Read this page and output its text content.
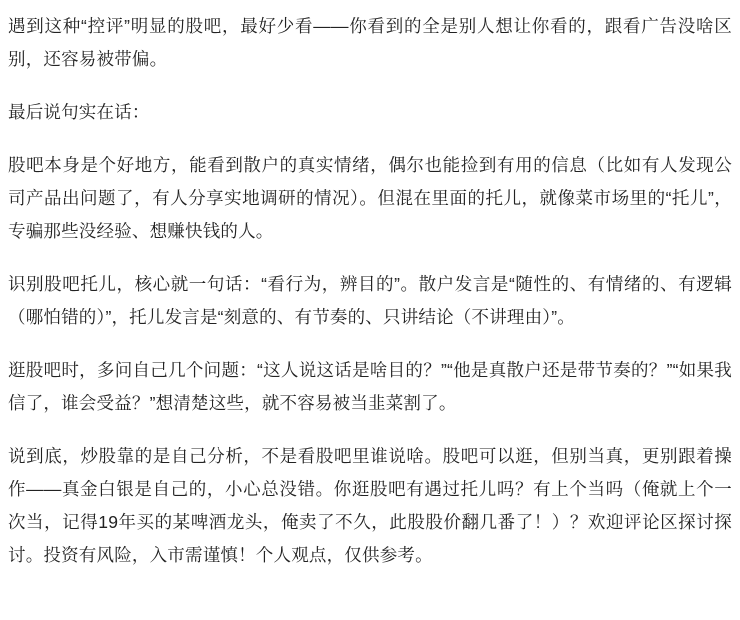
遇到这种“控评”明显的股吧，最好少看——你看到的全是别人想让你看的，跟看广告没啥区别，还容易被带偏。

最后说句实在话：

股吧本身是个好地方，能看到散户的真实情绪，偶尔也能捡到有用的信息（比如有人发现公司产品出问题了，有人分享实地调研的情况）。但混在里面的托儿，就像菜市场里的“托儿”，专骗那些没经验、想赚快钱的人。

识别股吧托儿，核心就一句话：“看行为，辨目的”。散户发言是“随性的、有情绪的、有逻辑（哪怕错的）”，托儿发言是“刻意的、有节奏的、只讲结论（不讲理由）”。

逛股吧时，多问自己几个问题：“这人说这话是啥目的？”“他是真散户还是带节奏的？”“如果我信了，谁会受益？”想清楚这些，就不容易被当韭菜割了。

说到底，炒股靠的是自己分析，不是看股吧里谁说啥。股吧可以逛，但别当真，更别跟着操作——真金白银是自己的，小心总没错。你逛股吧有遇过托儿吗？有上个当吗（俺就上个一次当，记得19年买的某啤酒龙头，俺卖了不久，此股股价翻几番了！）？欢迎评论区探讨探讨。投资有风险，入市需谨慎！个人观点，仅供参考。
